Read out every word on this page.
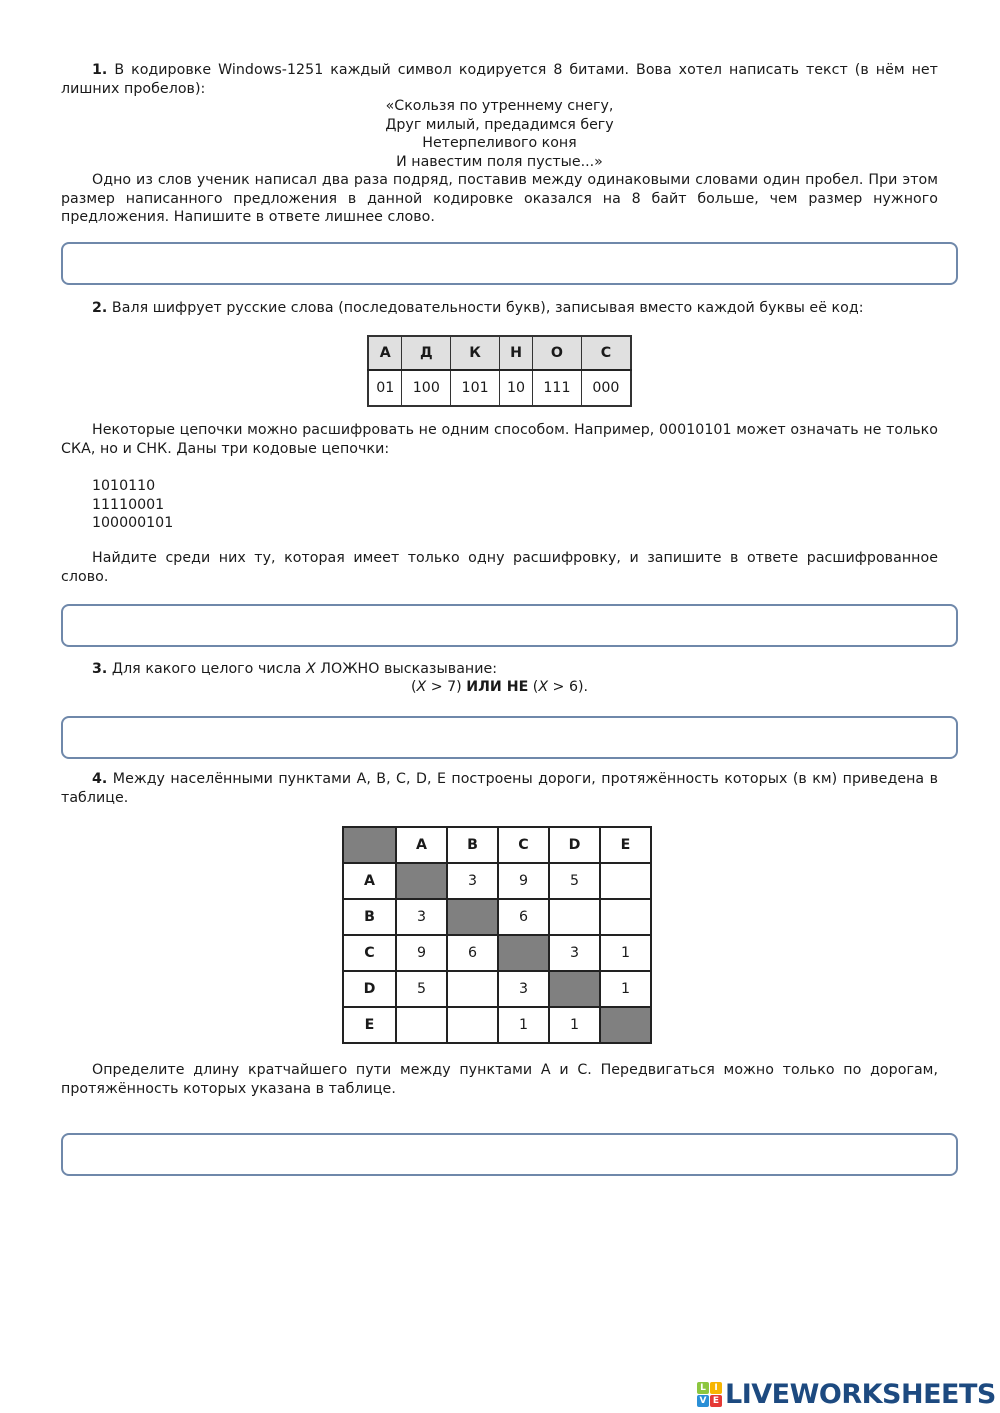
1. В кодировке Windows-1251 каждый символ кодируется 8 битами. Вова хотел написать текст (в нём нет лишних пробелов):

«Скользя по утреннему снегу,
Друг милый, предадимся бегу
Нетерпеливого коня
И навестим поля пустые...»

Одно из слов ученик написал два раза подряд, поставив между одинаковыми словами один пробел. При этом размер написанного предложения в данной кодировке оказался на 8 байт больше, чем размер нужного предложения. Напишите в ответе лишнее слово.

2. Валя шифрует русские слова (последовательности букв), записывая вместо каждой буквы её код:

А	Д	К	Н	О	С
01	100	101	10	111	000

Некоторые цепочки можно расшифровать не одним способом. Например, 00010101 может означать не только СКА, но и СНК. Даны три кодовые цепочки:

1010110
11110001
100000101

Найдите среди них ту, которая имеет только одну расшифровку, и запишите в ответе расшифрованное слово.

3. Для какого целого числа X ЛОЖНО высказывание:

(X > 7) ИЛИ НЕ (X > 6).

4. Между населёнными пунктами A, B, C, D, E построены дороги, протяжённость которых (в км) приведена в таблице.

	A	B	C	D	E
A		3	9	5	
B	3		6		
C	9	6		3	1
D	5		3		1
E			1	1	

Определите длину кратчайшего пути между пунктами A и C. Передвигаться можно только по дорогам, протяжённость которых указана в таблице.

L I
V E LIVEWORKSHEETS
